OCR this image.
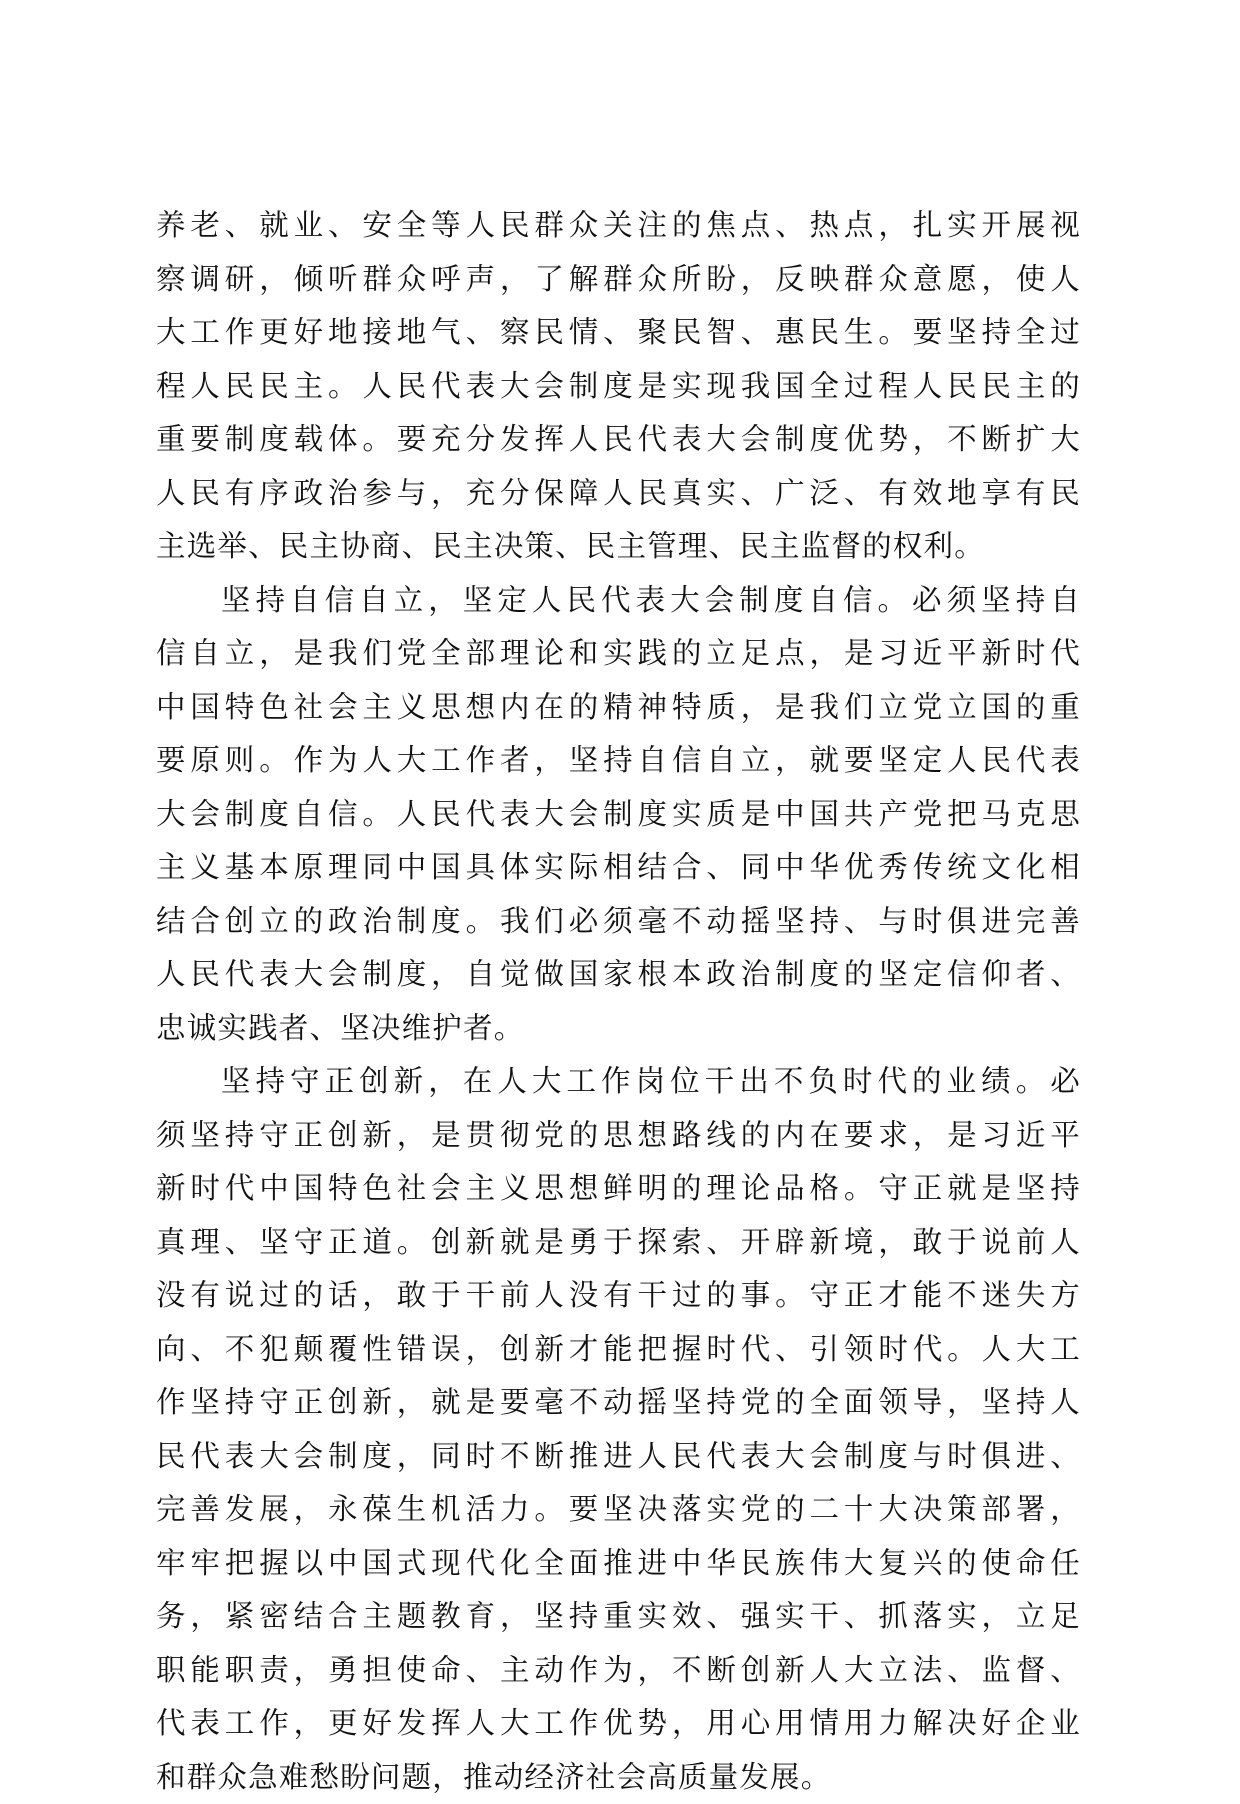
养老、就业、安全等人民群众关注的焦点、热点，扎实开展视
察调研，倾听群众呼声，了解群众所盼，反映群众意愿，使人
大工作更好地接地气、察民情、聚民智、惠民生。要坚持全过
程人民民主。人民代表大会制度是实现我国全过程人民民主的
重要制度载体。要充分发挥人民代表大会制度优势，不断扩大
人民有序政治参与，充分保障人民真实、广泛、有效地享有民
主选举、民主协商、民主决策、民主管理、民主监督的权利。
坚持自信自立，坚定人民代表大会制度自信。必须坚持自
信自立，是我们党全部理论和实践的立足点，是习近平新时代
中国特色社会主义思想内在的精神特质，是我们立党立国的重
要原则。作为人大工作者，坚持自信自立，就要坚定人民代表
大会制度自信。人民代表大会制度实质是中国共产党把马克思
主义基本原理同中国具体实际相结合、同中华优秀传统文化相
结合创立的政治制度。我们必须毫不动摇坚持、与时俱进完善
人民代表大会制度，自觉做国家根本政治制度的坚定信仰者、
忠诚实践者、坚决维护者。
坚持守正创新，在人大工作岗位干出不负时代的业绩。必
须坚持守正创新，是贯彻党的思想路线的内在要求，是习近平
新时代中国特色社会主义思想鲜明的理论品格。守正就是坚持
真理、坚守正道。创新就是勇于探索、开辟新境，敢于说前人
没有说过的话，敢于干前人没有干过的事。守正才能不迷失方
向、不犯颠覆性错误，创新才能把握时代、引领时代。人大工
作坚持守正创新，就是要毫不动摇坚持党的全面领导，坚持人
民代表大会制度，同时不断推进人民代表大会制度与时俱进、
完善发展，永葆生机活力。要坚决落实党的二十大决策部署，
牢牢把握以中国式现代化全面推进中华民族伟大复兴的使命任
务，紧密结合主题教育，坚持重实效、强实干、抓落实，立足
职能职责，勇担使命、主动作为，不断创新人大立法、监督、
代表工作，更好发挥人大工作优势，用心用情用力解决好企业
和群众急难愁盼问题，推动经济社会高质量发展。
